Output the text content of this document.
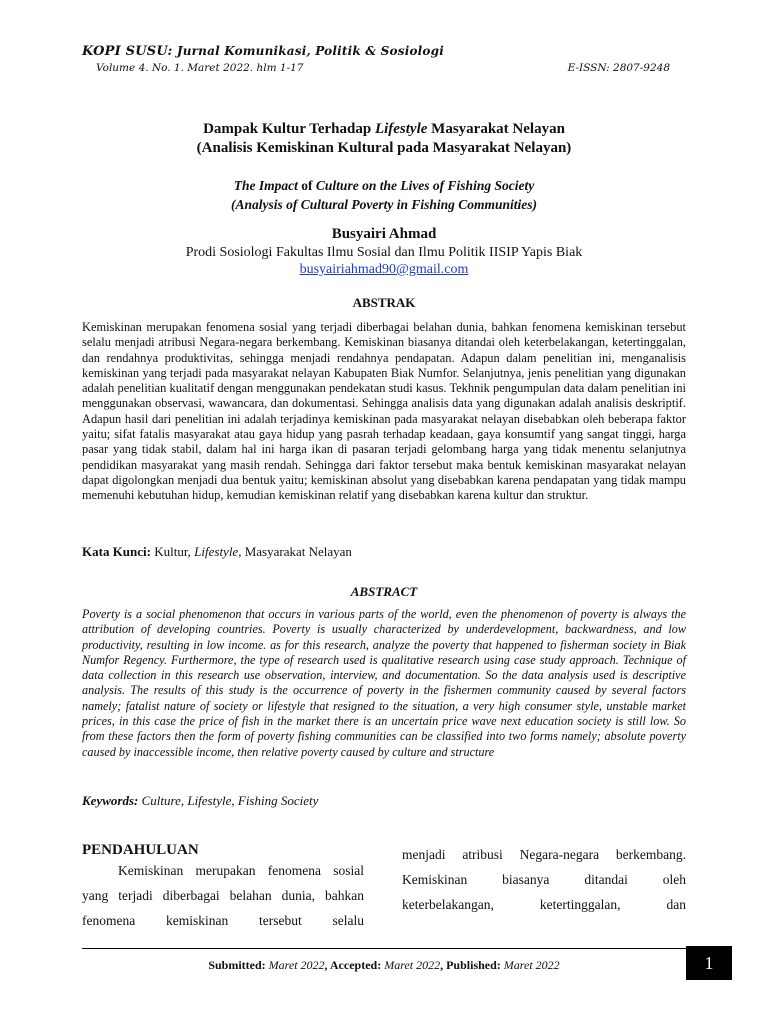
KOPI SUSU: Jurnal Komunikasi, Politik & Sosiologi
Volume 4. No. 1. Maret 2022. hlm 1-17	E-ISSN: 2807-9248
Dampak Kultur Terhadap Lifestyle Masyarakat Nelayan
(Analisis Kemiskinan Kultural pada Masyarakat Nelayan)
The Impact of Culture on the Lives of Fishing Society
(Analysis of Cultural Poverty in Fishing Communities)
Busyairi Ahmad
Prodi Sosiologi Fakultas Ilmu Sosial dan Ilmu Politik IISIP Yapis Biak
busyairiahmad90@gmail.com
ABSTRAK
Kemiskinan merupakan fenomena sosial yang terjadi diberbagai belahan dunia, bahkan fenomena kemiskinan tersebut selalu menjadi atribusi Negara-negara berkembang. Kemiskinan biasanya ditandai oleh keterbelakangan, ketertinggalan, dan rendahnya produktivitas, sehingga menjadi rendahnya pendapatan. Adapun dalam penelitian ini, menganalisis kemiskinan yang terjadi pada masyarakat nelayan Kabupaten Biak Numfor. Selanjutnya, jenis penelitian yang digunakan adalah penelitian kualitatif dengan menggunakan pendekatan studi kasus. Tekhnik pengumpulan data dalam penelitian ini menggunakan observasi, wawancara, dan dokumentasi. Sehingga analisis data yang digunakan adalah analisis deskriptif. Adapun hasil dari penelitian ini adalah terjadinya kemiskinan pada masyarakat nelayan disebabkan oleh beberapa faktor yaitu; sifat fatalis masyarakat atau gaya hidup yang pasrah terhadap keadaan, gaya konsumtif yang sangat tinggi, harga pasar yang tidak stabil, dalam hal ini harga ikan di pasaran terjadi gelombang harga yang tidak menentu selanjutnya pendidikan masyarakat yang masih rendah. Sehingga dari faktor tersebut maka bentuk kemiskinan masyarakat nelayan dapat digolongkan menjadi dua bentuk yaitu; kemiskinan absolut yang disebabkan karena pendapatan yang tidak mampu memenuhi kebutuhan hidup, kemudian kemiskinan relatif yang disebabkan karena kultur dan struktur.
Kata Kunci: Kultur, Lifestyle, Masyarakat Nelayan
ABSTRACT
Poverty is a social phenomenon that occurs in various parts of the world, even the phenomenon of poverty is always the attribution of developing countries. Poverty is usually characterized by underdevelopment, backwardness, and low productivity, resulting in low income. as for this research, analyze the poverty that happened to fisherman society in Biak Numfor Regency. Furthermore, the type of research used is qualitative research using case study approach. Technique of data collection in this research use observation, interview, and documentation. So the data analysis used is descriptive analysis. The results of this study is the occurrence of poverty in the fishermen community caused by several factors namely; fatalist nature of society or lifestyle that resigned to the situation, a very high consumer style, unstable market prices, in this case the price of fish in the market there is an uncertain price wave next education society is still low. So from these factors then the form of poverty fishing communities can be classified into two forms namely; absolute poverty caused by inaccessible income, then relative poverty caused by culture and structure
Keywords: Culture, Lifestyle, Fishing Society
PENDAHULUAN

Kemiskinan merupakan fenomena sosial yang terjadi diberbagai belahan dunia, bahkan fenomena kemiskinan tersebut selalu

menjadi atribusi Negara-negara berkembang. Kemiskinan biasanya ditandai oleh keterbelakangan, ketertinggalan, dan

Submitted: Maret 2022, Accepted: Maret 2022, Published: Maret 2022	1
